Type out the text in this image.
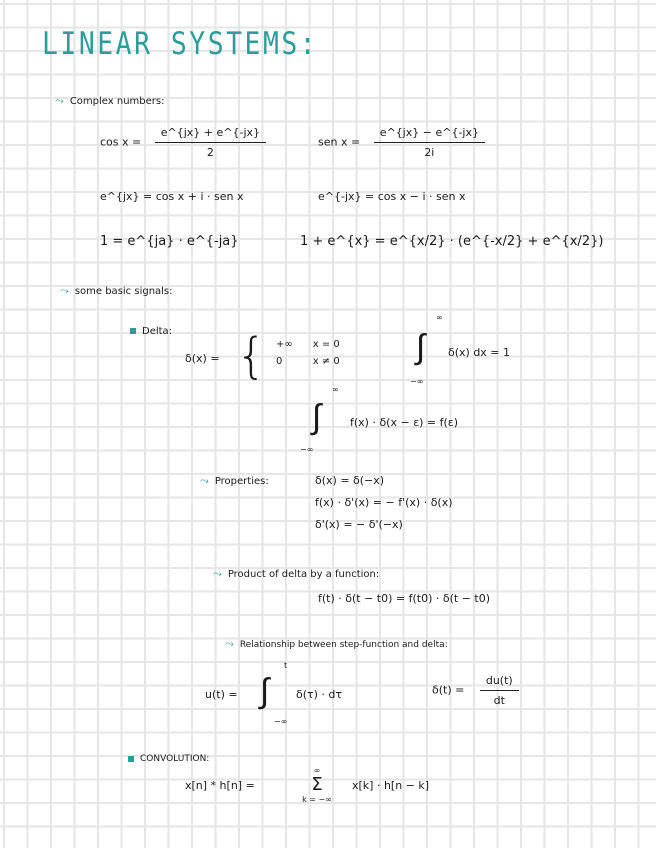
LINEAR SYSTEMS:
⤳ Complex numbers:
$\cos x = \frac{e\^{}\{jx\} + e\^{}\{-jx\}}{2}$	sen $x = \frac{e\^{}\{jx\} - e\^{}\{-jx\}}{2i}$
e^{jx} = cos x + i · sen x	e^{-jx} = cos x − i · sen x
1 = e^{ja} · e^{-ja}	1 + e^{x} = e^{x/2} · (e^{-x/2} + e^{x/2})
⤳ some basic signals:
Delta:
δ(x) = { +∞	x = 0
0	x ≠ 0
∞
∫
−∞
δ(x) dx = 1
∞
∫
−∞
f(x) · δ(x − ε) = f(ε)
⤳ Properties:	δ(x) = δ(−x)
f(x) · δ'(x) = − f'(x) · δ(x)
δ'(x) = − δ'(−x)
⤳ Product of delta by a function:
f(t) · δ(t − t0) = f(t0) · δ(t − t0)
⤳ Relationship between step-function and delta:
u(t) =
t
∫
−∞
δ(τ) · dτ	$\delta(t) = \frac{du(t)}{dt}$
CONVOLUTION:
x[n] * h[n] =
∞
Σ
k = −∞
x[k] · h[n − k]
